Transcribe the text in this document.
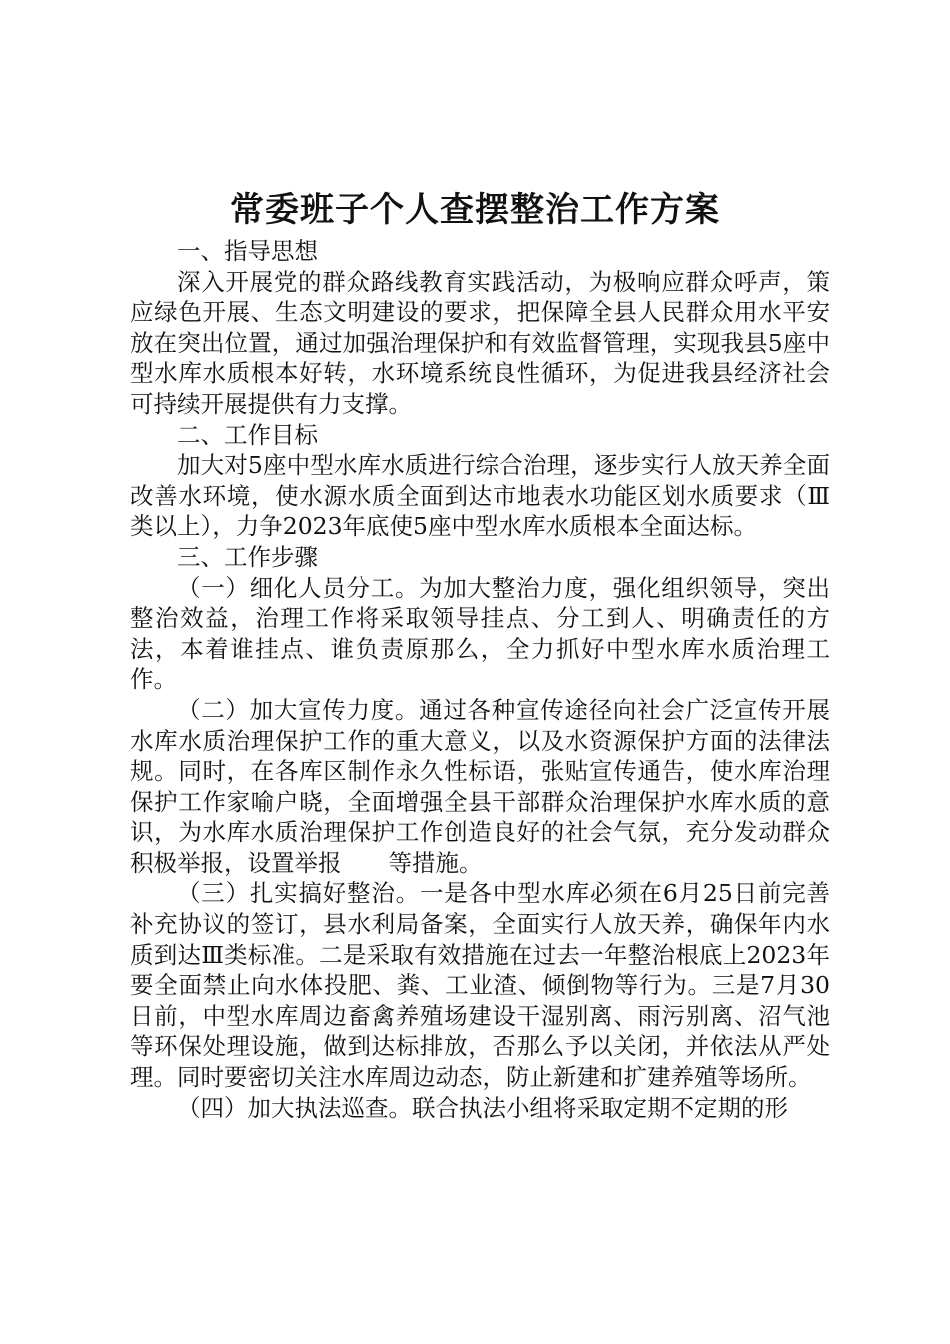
常委班子个人查摆整治工作方案

一、指导思想

深入开展党的群众路线教育实践活动，为极响应群众呼声，策应绿色开展、生态文明建设的要求，把保障全县人民群众用水平安放在突出位置，通过加强治理保护和有效监督管理，实现我县5座中型水库水质根本好转，水环境系统良性循环，为促进我县经济社会可持续开展提供有力支撑。

二、工作目标

加大对5座中型水库水质进行综合治理，逐步实行人放天养全面改善水环境，使水源水质全面到达市地表水功能区划水质要求（Ⅲ类以上），力争2023年底使5座中型水库水质根本全面达标。

三、工作步骤

（一）细化人员分工。为加大整治力度，强化组织领导，突出整治效益，治理工作将采取领导挂点、分工到人、明确责任的方法，本着谁挂点、谁负责原那么，全力抓好中型水库水质治理工作。

（二）加大宣传力度。通过各种宣传途径向社会广泛宣传开展水库水质治理保护工作的重大意义，以及水资源保护方面的法律法规。同时，在各库区制作永久性标语，张贴宣传通告，使水库治理保护工作家喻户晓，全面增强全县干部群众治理保护水库水质的意识，为水库水质治理保护工作创造良好的社会气氛，充分发动群众积极举报，设置举报　　等措施。

（三）扎实搞好整治。一是各中型水库必须在6月25日前完善补充协议的签订，县水利局备案，全面实行人放天养，确保年内水质到达Ⅲ类标准。二是采取有效措施在过去一年整治根底上2023年要全面禁止向水体投肥、粪、工业渣、倾倒物等行为。三是7月30日前，中型水库周边畜禽养殖场建设干湿别离、雨污别离、沼气池等环保处理设施，做到达标排放，否那么予以关闭，并依法从严处理。同时要密切关注水库周边动态，防止新建和扩建养殖等场所。

（四）加大执法巡查。联合执法小组将采取定期不定期的形
